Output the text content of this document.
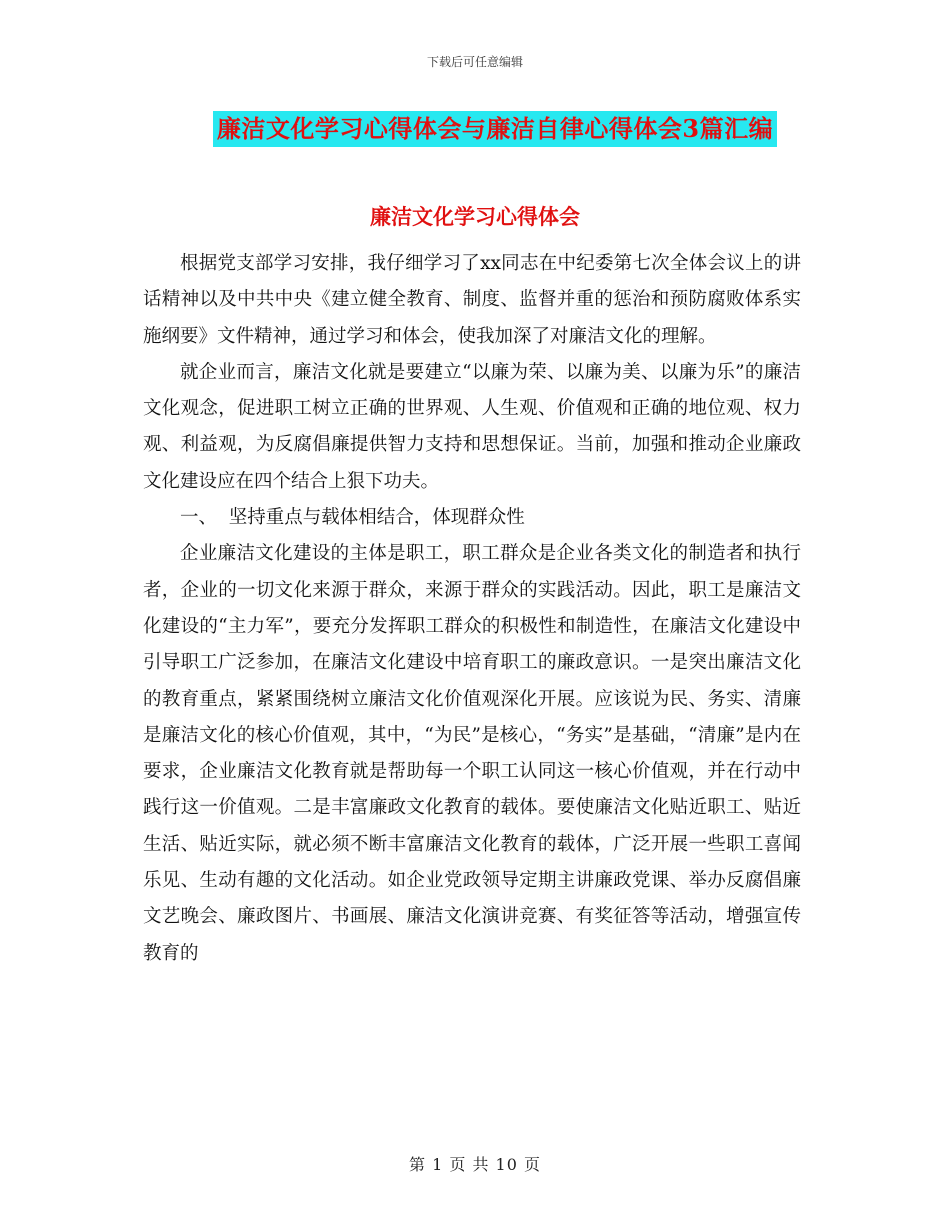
下载后可任意编辑
廉洁文化学习心得体会与廉洁自律心得体会3篇汇编
廉洁文化学习心得体会

根据党支部学习安排，我仔细学习了xx同志在中纪委第七次全体会议上的讲话精神以及中共中央《建立健全教育、制度、监督并重的惩治和预防腐败体系实施纲要》文件精神，通过学习和体会，使我加深了对廉洁文化的理解。

就企业而言，廉洁文化就是要建立“以廉为荣、以廉为美、以廉为乐”的廉洁文化观念，促进职工树立正确的世界观、人生观、价值观和正确的地位观、权力观、利益观，为反腐倡廉提供智力支持和思想保证。当前，加强和推动企业廉政文化建设应在四个结合上狠下功夫。

一、  坚持重点与载体相结合，体现群众性

企业廉洁文化建设的主体是职工，职工群众是企业各类文化的制造者和执行者，企业的一切文化来源于群众，来源于群众的实践活动。因此，职工是廉洁文化建设的“主力军”，要充分发挥职工群众的积极性和制造性，在廉洁文化建设中引导职工广泛参加，在廉洁文化建设中培育职工的廉政意识。一是突出廉洁文化的教育重点，紧紧围绕树立廉洁文化价值观深化开展。应该说为民、务实、清廉是廉洁文化的核心价值观，其中，“为民”是核心，“务实”是基础，“清廉”是内在要求，企业廉洁文化教育就是帮助每一个职工认同这一核心价值观，并在行动中践行这一价值观。二是丰富廉政文化教育的载体。要使廉洁文化贴近职工、贴近生活、贴近实际，就必须不断丰富廉洁文化教育的载体，广泛开展一些职工喜闻乐见、生动有趣的文化活动。如企业党政领导定期主讲廉政党课、举办反腐倡廉文艺晚会、廉政图片、书画展、廉洁文化演讲竞赛、有奖征答等活动，增强宣传教育的

第 1 页 共 10 页
